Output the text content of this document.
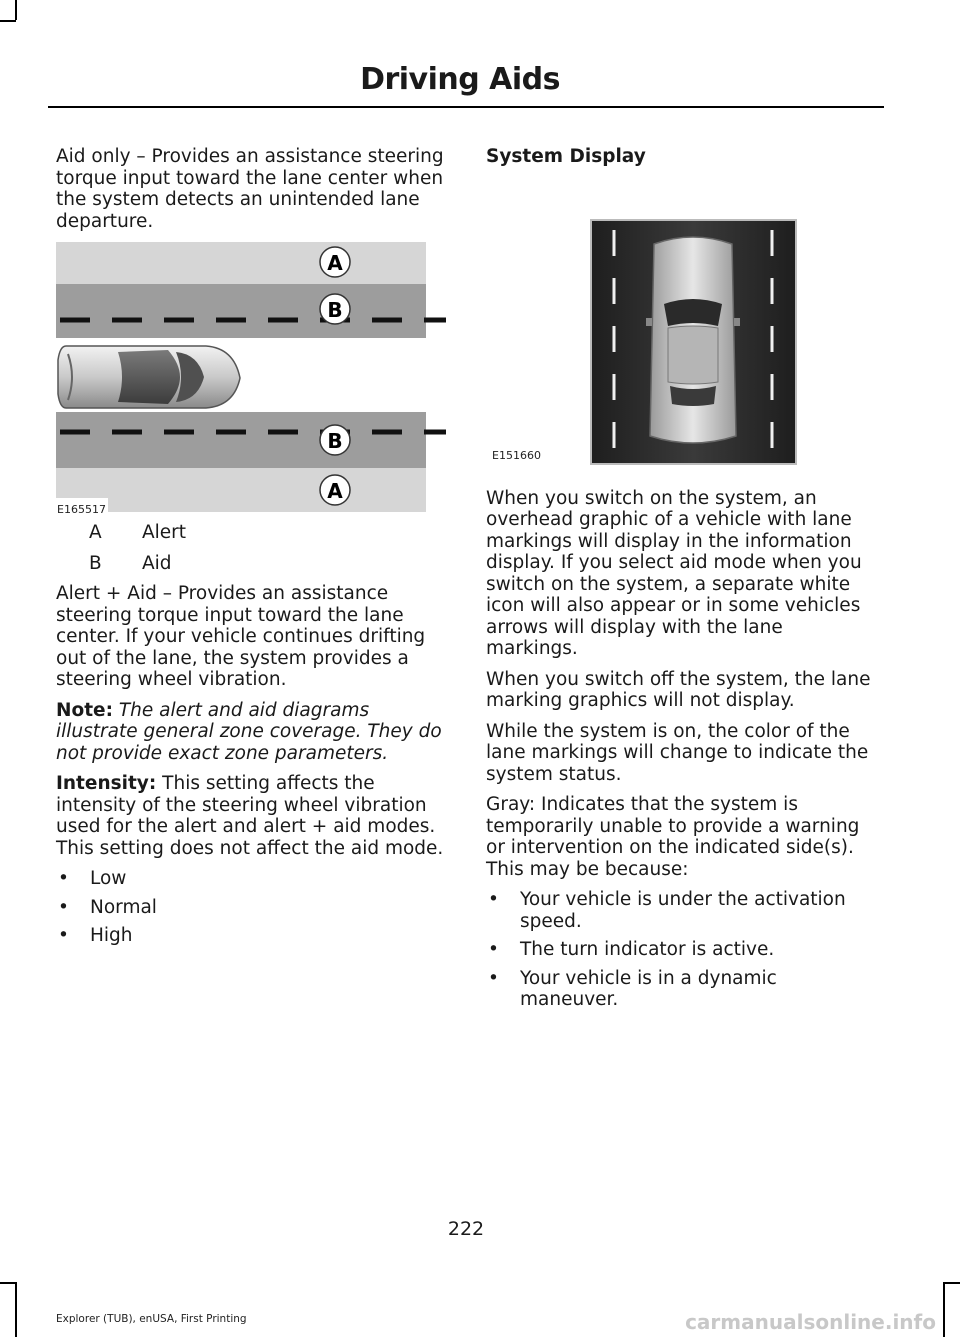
Driving Aids

Aid only – Provides an assistance steering torque input toward the lane center when the system detects an unintended lane departure.

A
B
B
A
E165517
A	Alert
B	Aid

Alert + Aid – Provides an assistance steering torque input toward the lane center. If your vehicle continues drifting out of the lane, the system provides a steering wheel vibration.

Note: The alert and aid diagrams illustrate general zone coverage. They do not provide exact zone parameters.

Intensity: This setting affects the intensity of the steering wheel vibration used for the alert and alert + aid modes. This setting does not affect the aid mode.

• Low
• Normal
• High
System Display
E151660

When you switch on the system, an overhead graphic of a vehicle with lane markings will display in the information display. If you select aid mode when you switch on the system, a separate white icon will also appear or in some vehicles arrows will display with the lane markings.

When you switch off the system, the lane marking graphics will not display.

While the system is on, the color of the lane markings will change to indicate the system status.

Gray: Indicates that the system is temporarily unable to provide a warning or intervention on the indicated side(s). This may be because:

• Your vehicle is under the activation speed.
• The turn indicator is active.
• Your vehicle is in a dynamic maneuver.
222
Explorer (TUB), enUSA, First Printing	carmanualsonline.info
